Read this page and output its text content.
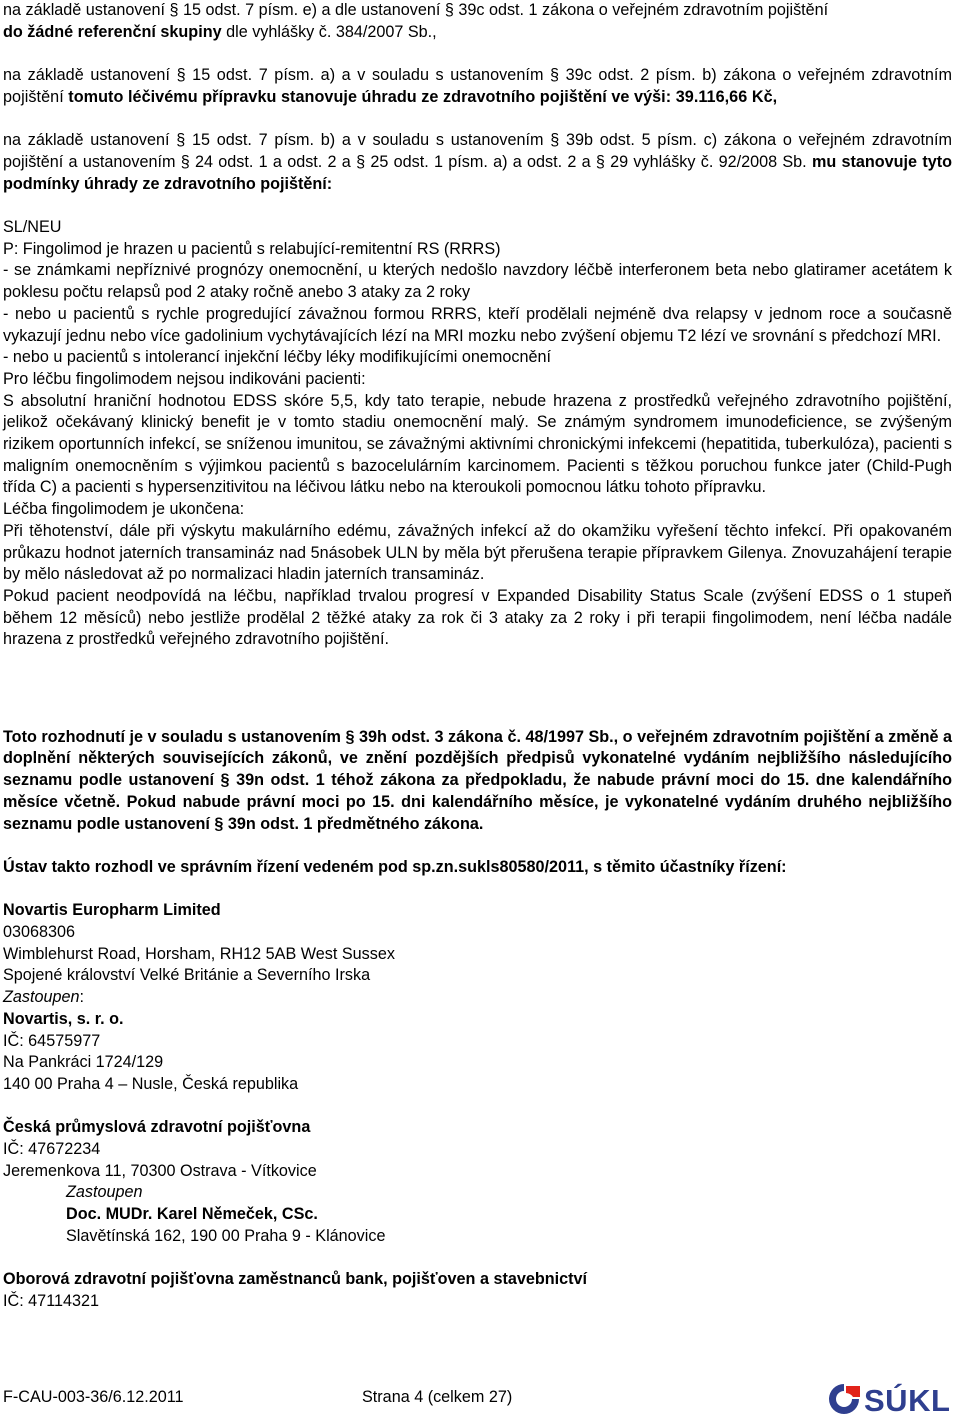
na základě ustanovení § 15 odst. 7 písm. e) a dle ustanovení § 39c odst. 1 zákona o veřejném zdravotním pojištění

do žádné referenční skupiny dle vyhlášky č. 384/2007 Sb.,

na základě ustanovení § 15 odst. 7 písm. a) a v souladu s ustanovením § 39c odst. 2 písm. b) zákona o veřejném zdravotním pojištění tomuto léčivému přípravku stanovuje úhradu ze zdravotního pojištění ve výši: 39.116,66 Kč,

na základě ustanovení § 15 odst. 7 písm. b) a v souladu s ustanovením § 39b odst. 5 písm. c) zákona o veřejném zdravotním pojištění a ustanovením § 24 odst. 1 a odst. 2 a § 25 odst. 1 písm. a) a odst. 2 a § 29 vyhlášky č. 92/2008 Sb. mu stanovuje tyto podmínky úhrady ze zdravotního pojištění:

SL/NEU

P: Fingolimod je hrazen u pacientů s relabující-remitentní RS (RRRS)

- se známkami nepříznivé prognózy onemocnění, u kterých nedošlo navzdory léčbě interferonem beta nebo glatiramer acetátem k poklesu počtu relapsů pod 2 ataky ročně anebo 3 ataky za 2 roky

- nebo u pacientů s rychle progredující závažnou formou RRRS, kteří prodělali nejméně dva relapsy v jednom roce a současně vykazují jednu nebo více gadolinium vychytávajících lézí na MRI mozku nebo zvýšení objemu T2 lézí ve srovnání s předchozí MRI.

- nebo u pacientů s intolerancí injekční léčby léky modifikujícími onemocnění

Pro léčbu fingolimodem nejsou indikováni pacienti:

S absolutní hraniční hodnotou EDSS skóre 5,5, kdy tato terapie, nebude hrazena z prostředků veřejného zdravotního pojištění, jelikož očekávaný klinický benefit je v tomto stadiu onemocnění malý. Se známým syndromem imunodeficience, se zvýšeným rizikem oportunních infekcí, se sníženou imunitou, se závažnými aktivními chronickými infekcemi (hepatitida, tuberkulóza), pacienti s maligním onemocněním s výjimkou pacientů s bazocelulárním karcinomem. Pacienti s těžkou poruchou funkce jater (Child-Pugh třída C) a pacienti s hypersenzitivitou na léčivou látku nebo na kteroukoli pomocnou látku tohoto přípravku.

Léčba fingolimodem je ukončena:

Při těhotenství, dále při výskytu makulárního edému, závažných infekcí až do okamžiku vyřešení těchto infekcí. Při opakovaném průkazu hodnot jaterních transamináz nad 5násobek ULN by měla být přerušena terapie přípravkem Gilenya. Znovuzahájení terapie by mělo následovat až po normalizaci hladin jaterních transamináz.

Pokud pacient neodpovídá na léčbu, například trvalou progresí v Expanded Disability Status Scale (zvýšení EDSS o 1 stupeň během 12 měsíců) nebo jestliže prodělal 2 těžké ataky za rok či 3 ataky za 2 roky i při terapii fingolimodem, není léčba nadále hrazena z prostředků veřejného zdravotního pojištění.

Toto rozhodnutí je v souladu s ustanovením § 39h odst. 3 zákona č. 48/1997 Sb., o veřejném zdravotním pojištění a změně a doplnění některých souvisejících zákonů, ve znění pozdějších předpisů vykonatelné vydáním nejbližšího následujícího seznamu podle ustanovení § 39n odst. 1 téhož zákona za předpokladu, že nabude právní moci do 15. dne kalendářního měsíce včetně. Pokud nabude právní moci po 15. dni kalendářního měsíce, je vykonatelné vydáním druhého nejbližšího seznamu podle ustanovení § 39n odst. 1 předmětného zákona.

Ústav takto rozhodl ve správním řízení vedeném pod sp.zn.sukls80580/2011, s těmito účastníky řízení:

Novartis Europharm Limited

03068306

Wimblehurst Road, Horsham, RH12 5AB West Sussex

Spojené království Velké Británie a Severního Irska

Zastoupen:

Novartis, s. r. o.

IČ: 64575977

Na Pankráci 1724/129

140 00 Praha 4 – Nusle, Česká republika

Česká průmyslová zdravotní pojišťovna

IČ: 47672234

Jeremenkova 11, 70300 Ostrava - Vítkovice

Zastoupen

Doc. MUDr. Karel Němeček, CSc.

Slavětínská 162, 190 00 Praha 9 - Klánovice

Oborová zdravotní pojišťovna zaměstnanců bank, pojišťoven a stavebnictví

IČ: 47114321

F-CAU-003-36/6.12.2011	Strana 4 (celkem 27)	SÚKL
